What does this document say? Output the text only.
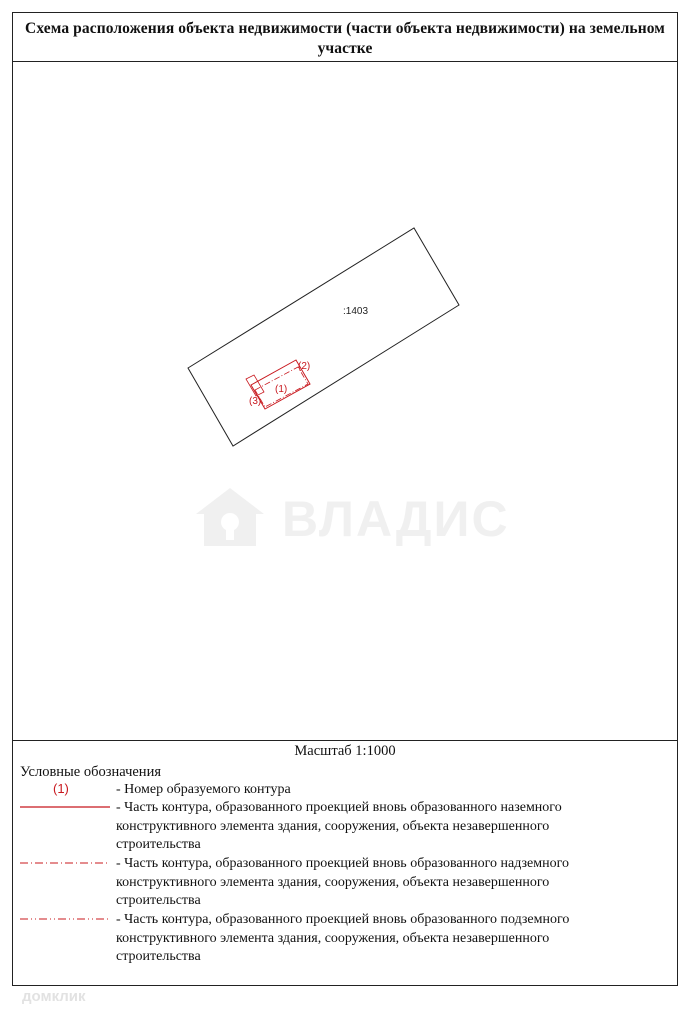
Схема расположения объекта недвижимости (части объекта недвижимости) на земельном участке
:1403
(1)
(2)
(3)
Масштаб 1:1000
Условные обозначения
(1)	- Номер образуемого контура
- Часть контура, образованного проекцией вновь образованного наземного конструктивного элемента здания, сооружения, объекта незавершенного строительства
- Часть контура, образованного проекцией вновь образованного надземного конструктивного элемента здания, сооружения, объекта незавершенного строительства
- Часть контура, образованного проекцией вновь образованного подземного конструктивного элемента здания, сооружения, объекта незавершенного строительства
ВЛАДИС
домклик
